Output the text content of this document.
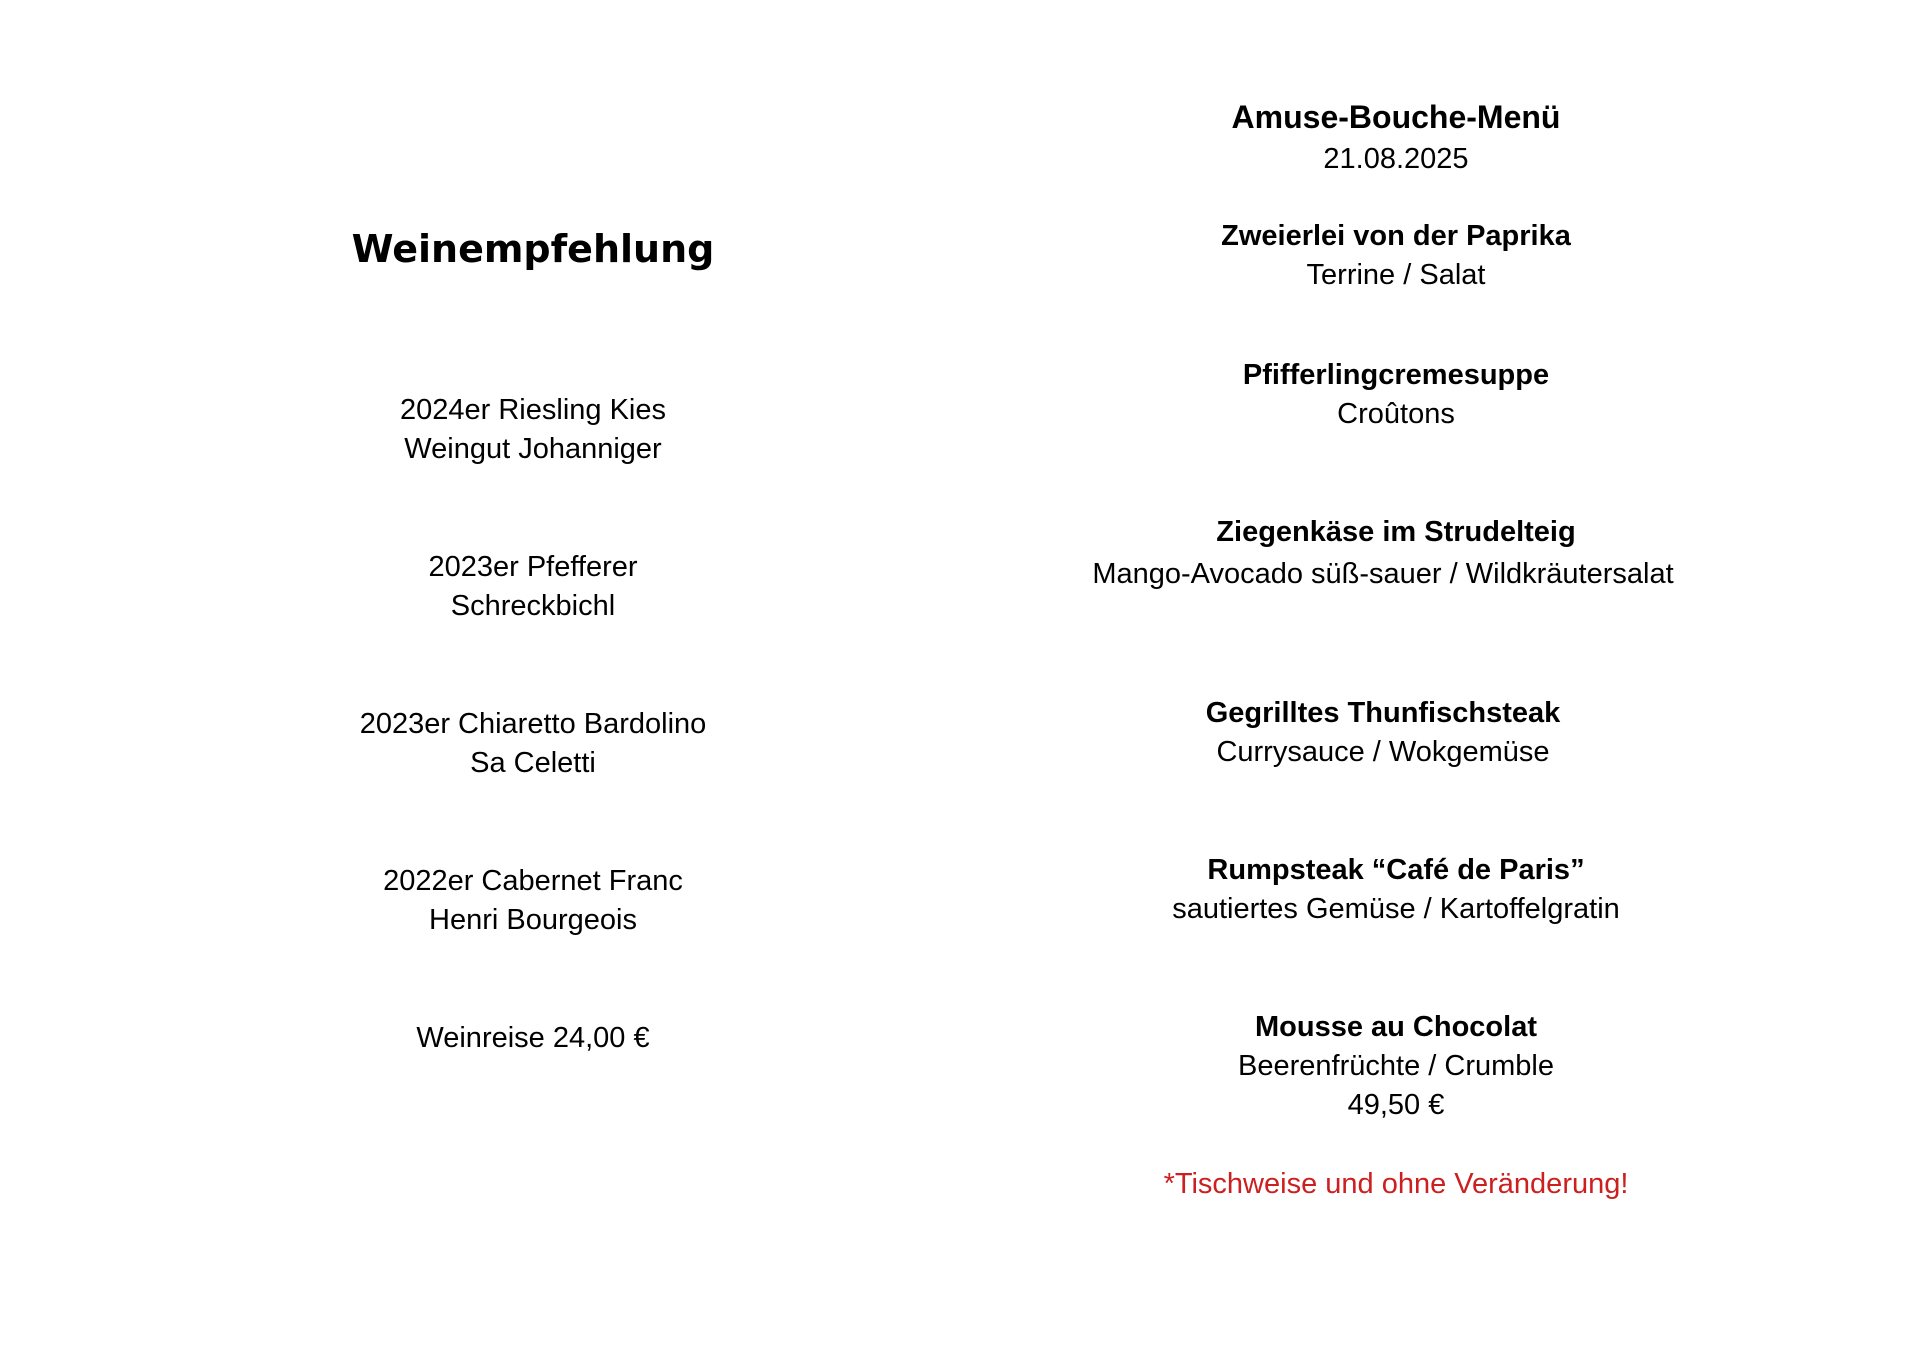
Weinempfehlung
2024er Riesling Kies
Weingut Johanniger
2023er Pfefferer
Schreckbichl
2023er Chiaretto Bardolino
Sa Celetti
2022er Cabernet Franc
Henri Bourgeois
Weinreise 24,00 €
Amuse-Bouche-Menü
21.08.2025
Zweierlei von der Paprika
Terrine / Salat
Pfifferlingcremesuppe
Croûtons
Ziegenkäse im Strudelteig
Mango-Avocado süß-sauer / Wildkräutersalat
Gegrilltes Thunfischsteak
Currysauce / Wokgemüse
Rumpsteak “Café de Paris”
sautiertes Gemüse / Kartoffelgratin
Mousse au Chocolat
Beerenfrüchte / Crumble
49,50 €
*Tischweise und ohne Veränderung!
